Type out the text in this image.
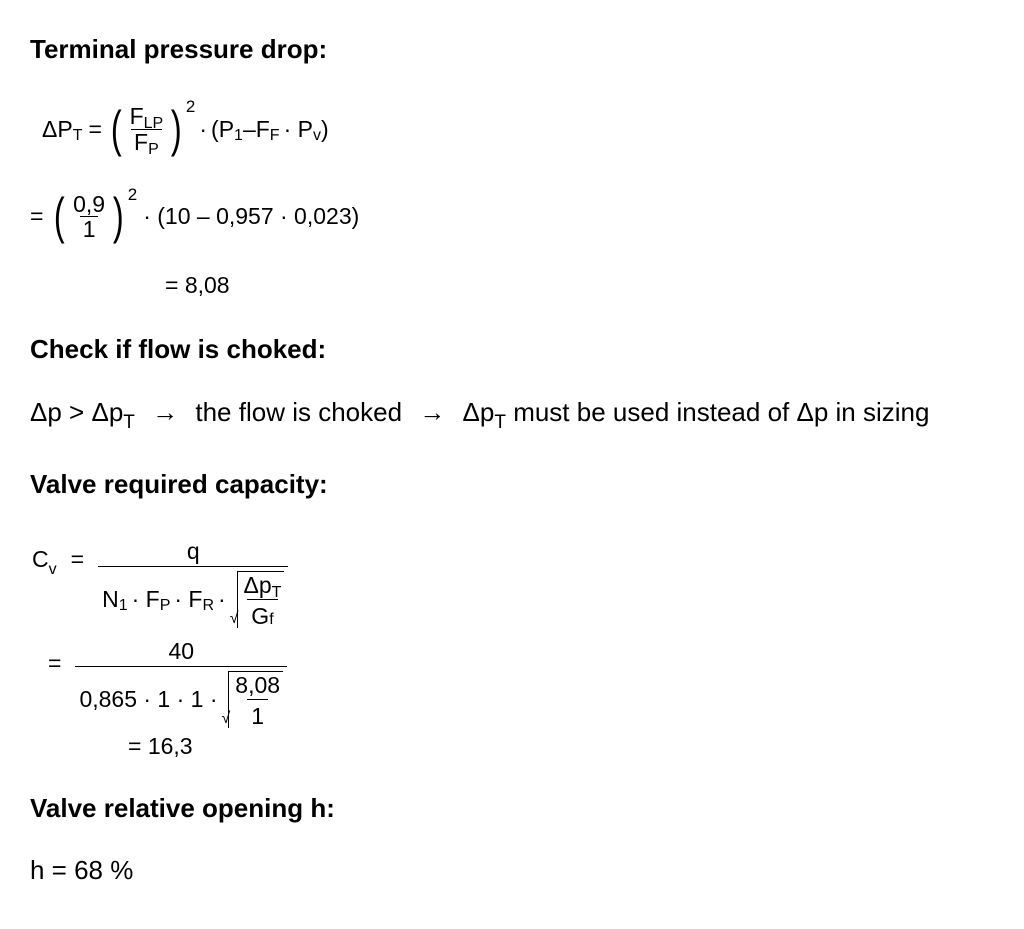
Terminal pressure drop:
ΔP T = ( $\frac{\text{FLP}}{FP}$ ) 2
· (P 1 –F F · P v )
= ( $\frac{0,9}{1}$ ) 2
· (10 – 0,957 · 0,023)
= 8,08
Check if flow is choked:
$\Delta p > \Delta p_T$ → the flow is choked → $\Delta p_T$ must be used instead of Δp in sizing
Valve required capacity:
$C_v$ =	q
N 1 · F P · F R ·
√ $\frac{\text{ΔpT}}{\text{G f}}$
=	40
0,865 · 1 · 1 ·
√ $\frac{8,08}{1}$
= 16,3
Valve relative opening h:
h = 68 %
